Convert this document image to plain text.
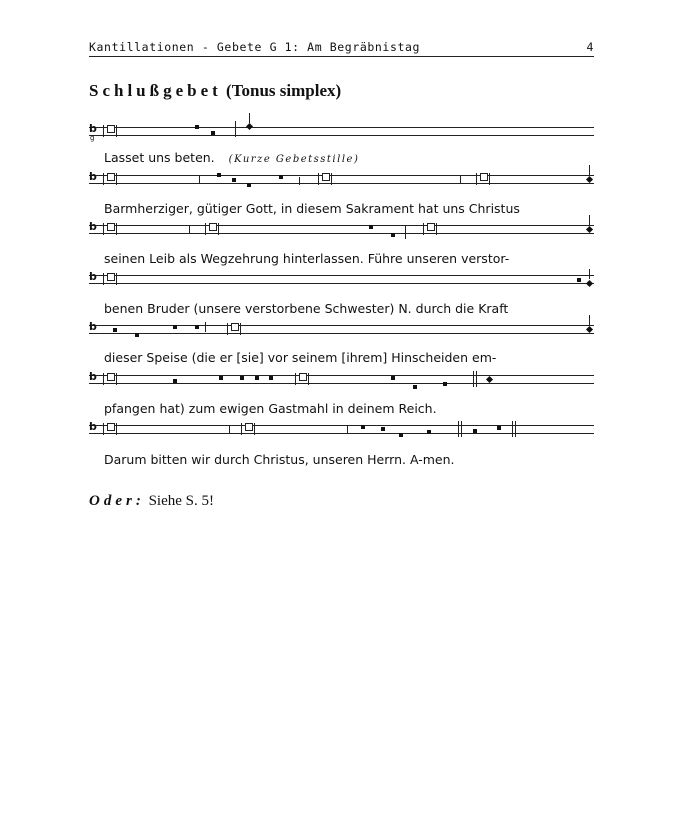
Kantillationen - Gebete G 1: Am Begräbnistag	4
Schlußgebet (Tonus simplex)
b
g
Lasset uns beten. (Kurze Gebetsstille)
b
Barmherziger, gütiger Gott, in diesem Sakrament hat uns Christus
b
seinen Leib als Wegzehrung hinterlassen. Führe unseren verstor-
b
benen Bruder (unsere verstorbene Schwester) N. durch die Kraft
b
dieser Speise (die er [sie] vor seinem [ihrem] Hinscheiden em-
b
pfangen hat) zum ewigen Gastmahl in deinem Reich.
b
Darum bitten wir durch Christus, unseren Herrn. A-men.
Oder: Siehe S. 5!
